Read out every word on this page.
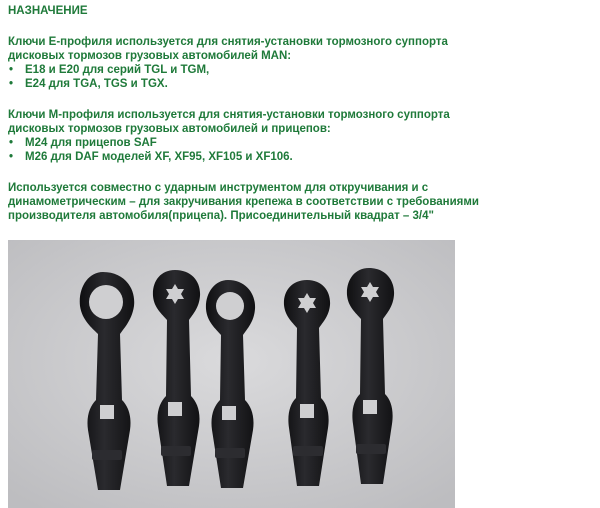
НАЗНАЧЕНИЕ

Ключи E-профиля используется для снятия-установки тормозного суппорта
дисковых тормозов грузовых автомобилей MAN:

• E18 и E20 для серий TGL и TGM,
• E24 для TGA, TGS и TGX.

Ключи M-профиля используется для снятия-установки тормозного суппорта
дисковых тормозов грузовых автомобилей и прицепов:

• M24 для прицепов SAF
• M26 для DAF моделей XF, XF95, XF105 и XF106.

Используется совместно с ударным инструментом для откручивания и с
динамометрическим – для закручивания крепежа в соответствии с требованиями
производителя автомобиля(прицепа). Присоединительный квадрат – 3/4"
